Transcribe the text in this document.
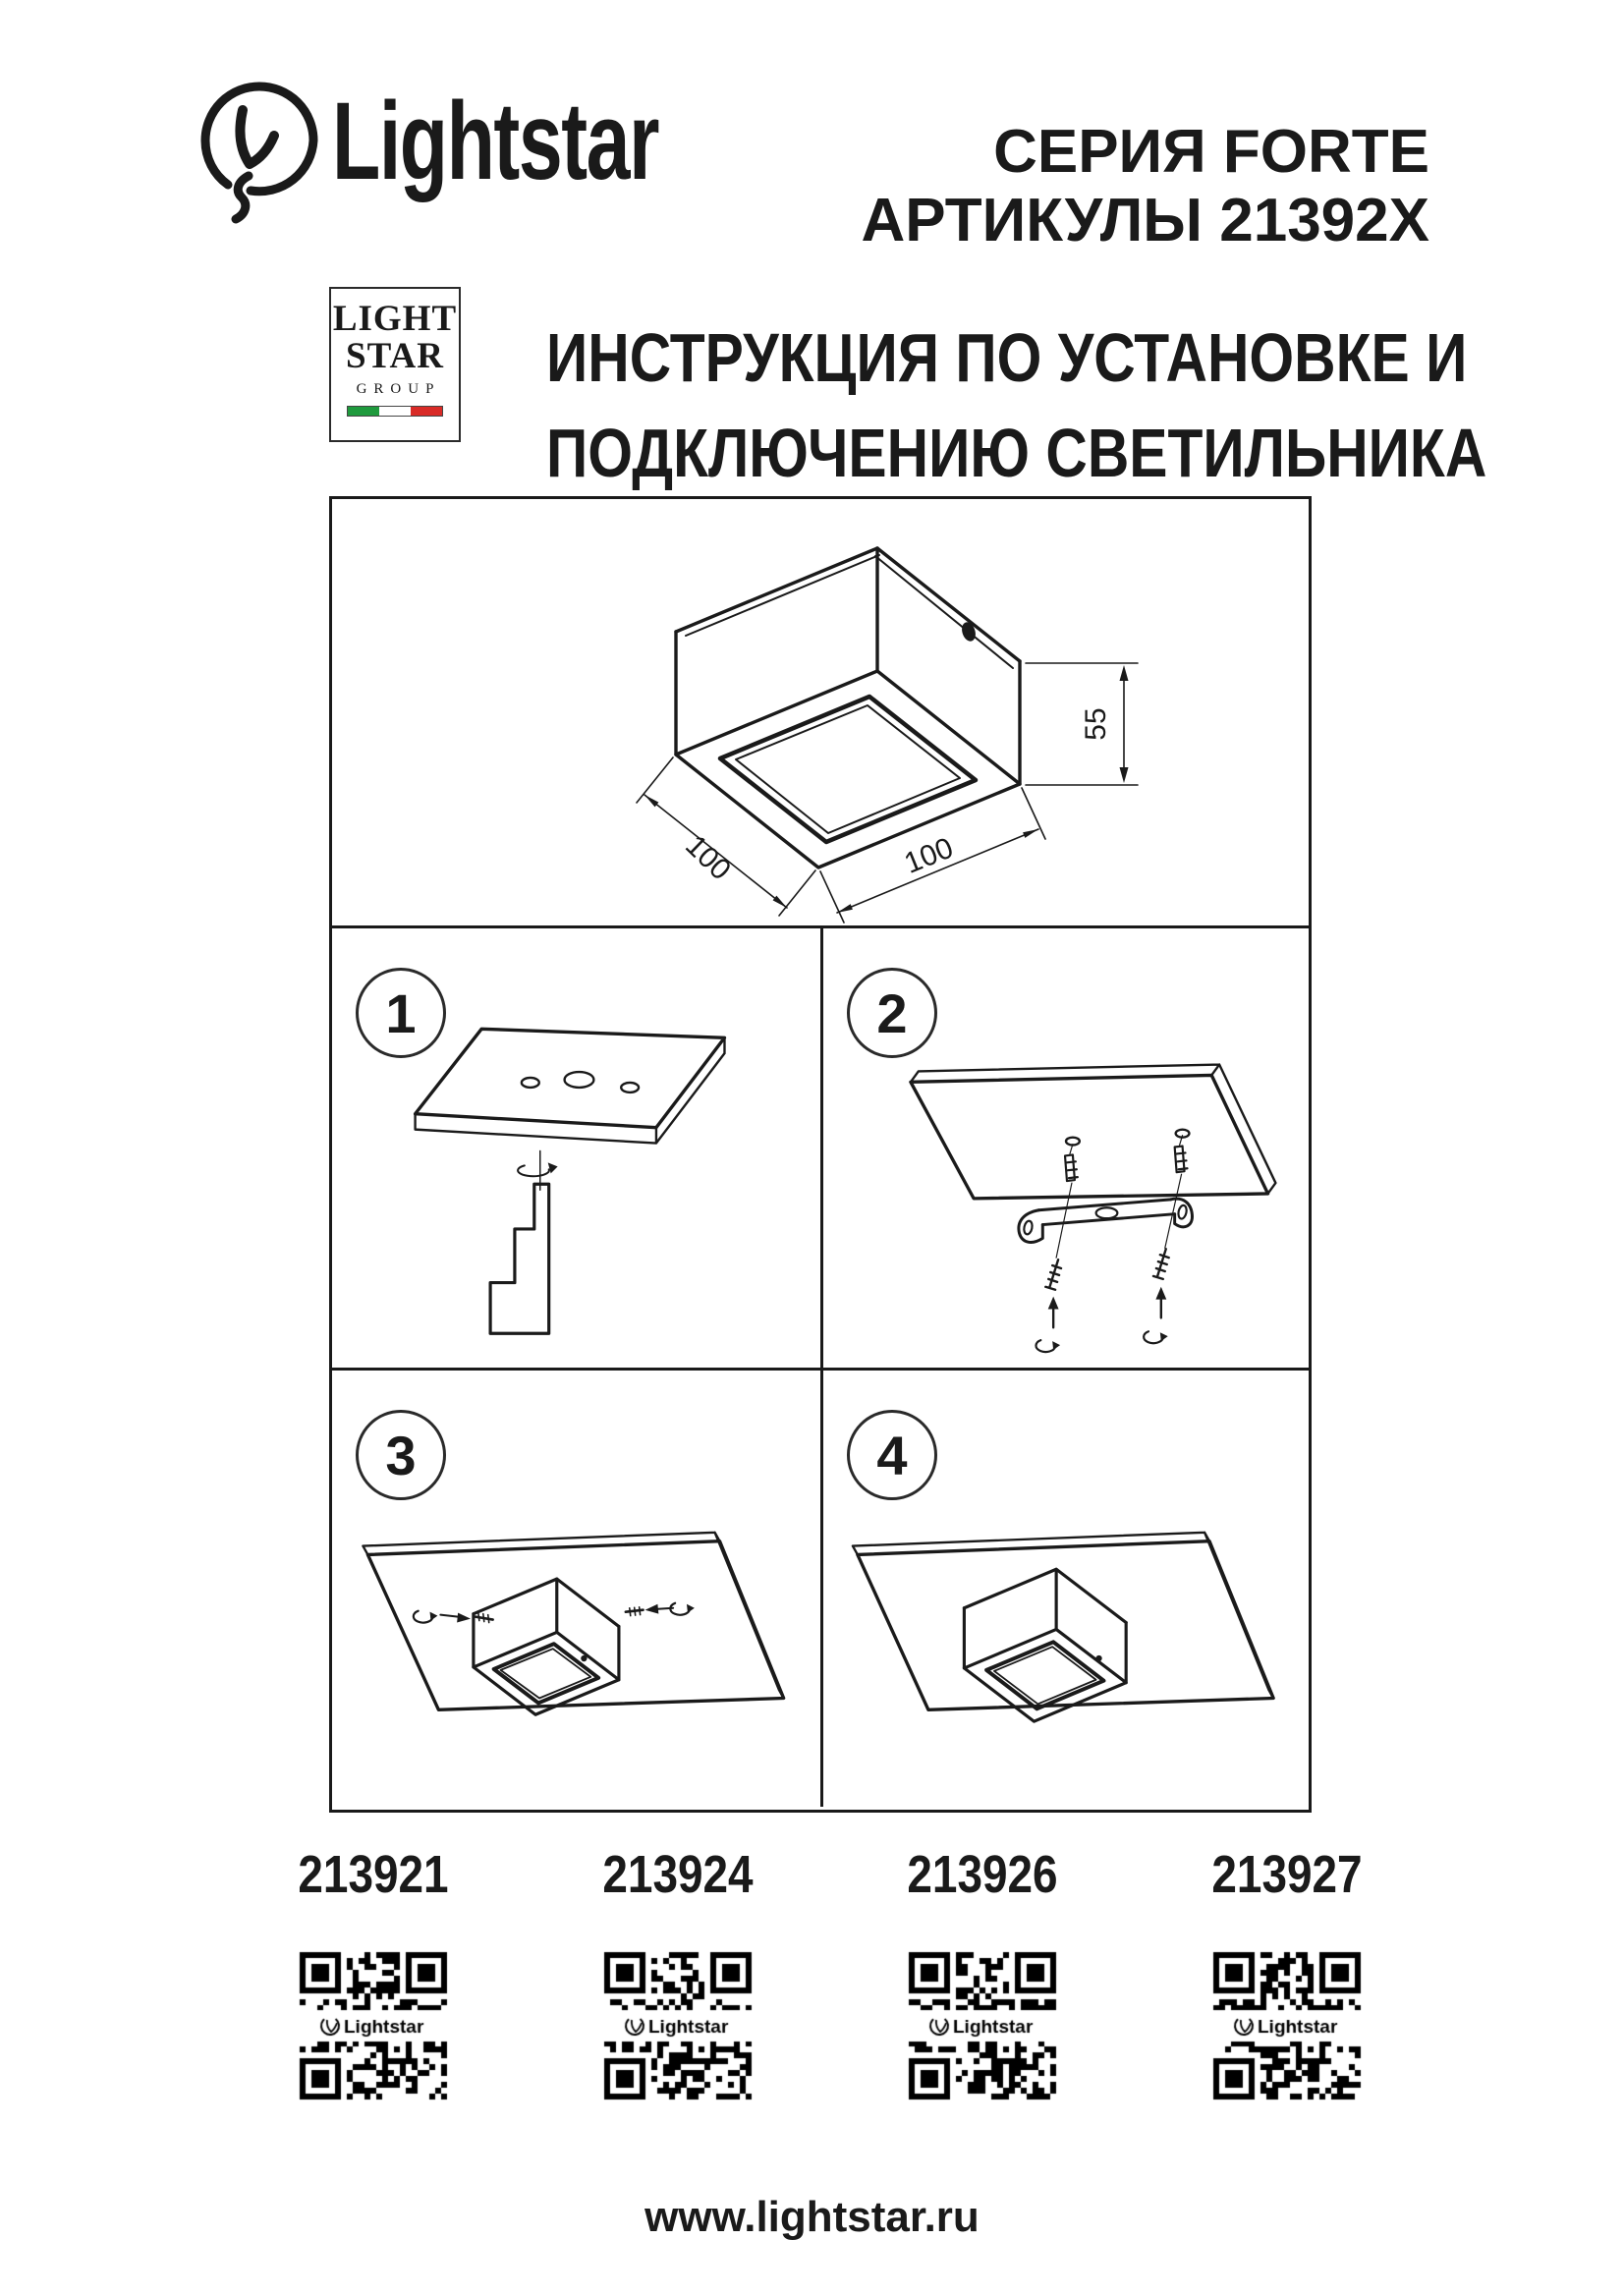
Lightstar	СЕРИЯ FORTE
АРТИКУЛЫ 21392X
LIGHT
STAR
GROUP ИНСТРУКЦИЯ ПО УСТАНОВКЕ И
ПОДКЛЮЧЕНИЮ СВЕТИЛЬНИКА
55
100	100
1	2
3	4
213921	213924	213926	213927
www.lightstar.ru
